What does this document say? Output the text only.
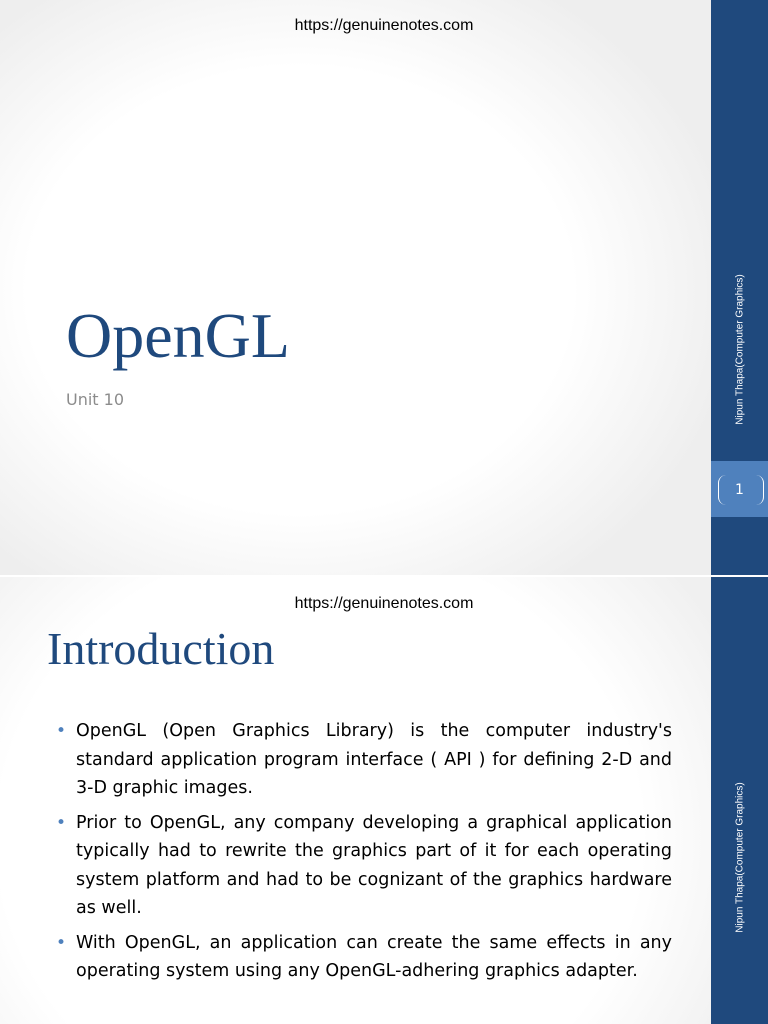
https://genuinenotes.com
OpenGL
Unit 10	Nipun Thapa(Computer Graphics)
1
https://genuinenotes.com
Introduction
• OpenGL (Open Graphics Library) is the computer industry's standard application program interface ( API ) for defining 2-D and 3-D graphic images.
• Prior to OpenGL, any company developing a graphical application typically had to rewrite the graphics part of it for each operating system platform and had to be cognizant of the graphics hardware as well.
• With OpenGL, an application can create the same effects in any operating system using any OpenGL-adhering graphics adapter.
Nipun Thapa(Computer Graphics)
